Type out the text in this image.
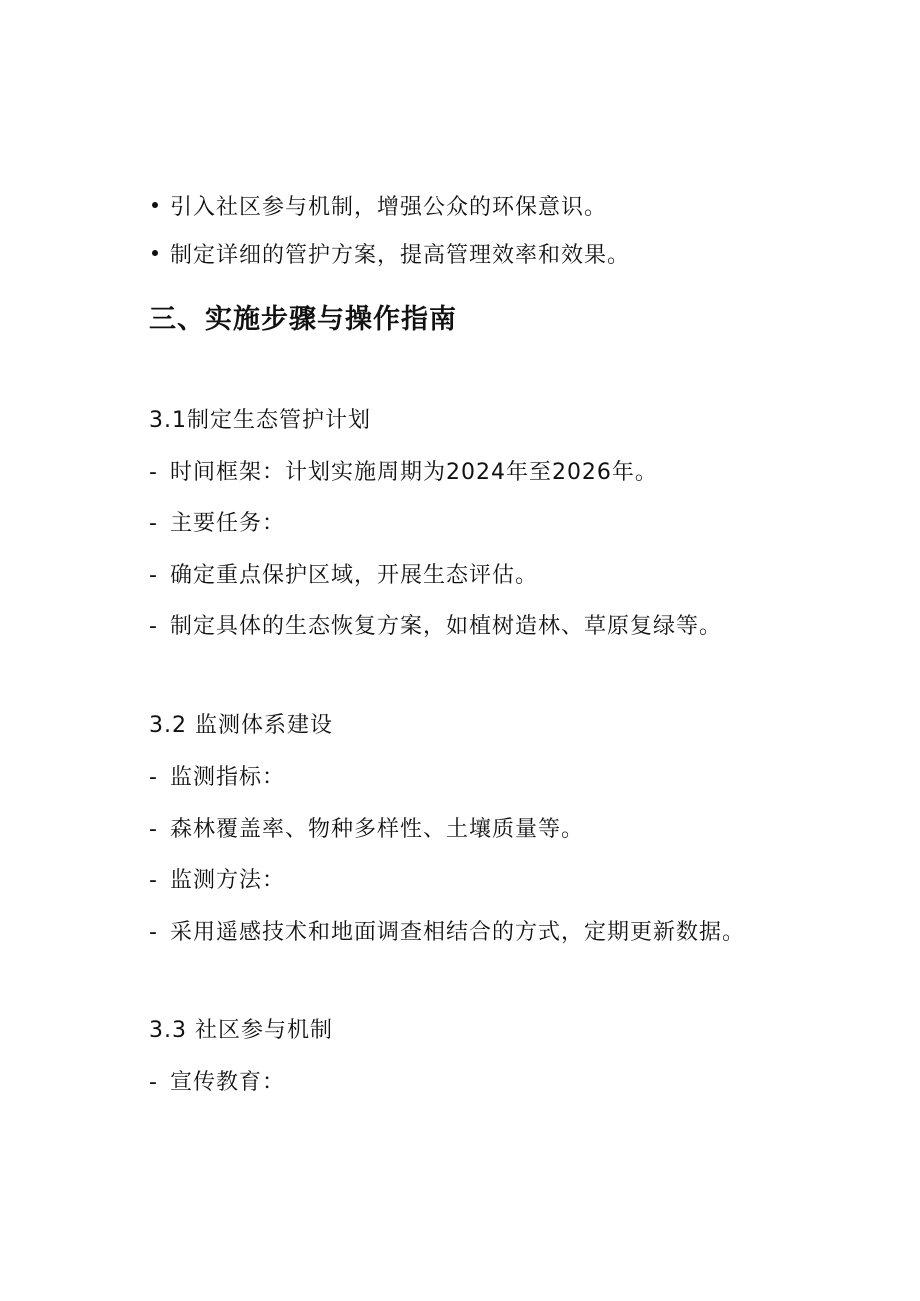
引入社区参与机制，增强公众的环保意识。
制定详细的管护方案，提高管理效率和效果。
三、实施步骤与操作指南
3.1制定生态管护计划
- 时间框架：计划实施周期为2024年至2026年。
- 主要任务：
- 确定重点保护区域，开展生态评估。
- 制定具体的生态恢复方案，如植树造林、草原复绿等。
3.2 监测体系建设
- 监测指标：
- 森林覆盖率、物种多样性、土壤质量等。
- 监测方法：
- 采用遥感技术和地面调查相结合的方式，定期更新数据。
3.3 社区参与机制
- 宣传教育：
